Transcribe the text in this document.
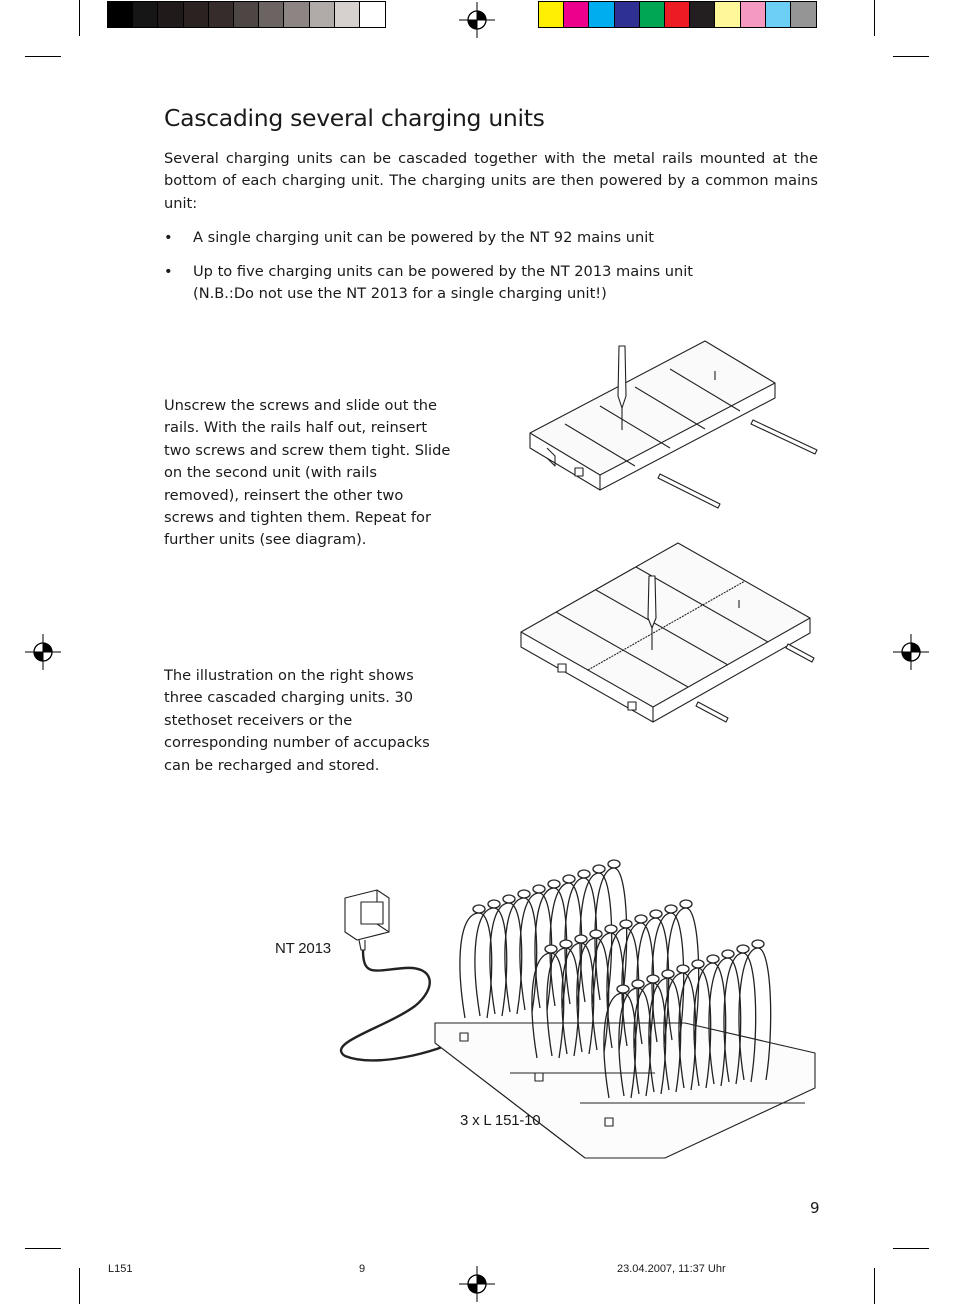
Cascading several charging units

Several charging units can be cascaded together with the metal rails mounted at the bottom of each charging unit. The charging units are then powered by a common mains unit:

• A single charging unit can be powered by the NT 92 mains unit
• Up to five charging units can be powered by the NT 2013 mains unit
(N.B.:Do not use the NT 2013 for a single charging unit!)

Unscrew the screws and slide out the rails. With the rails half out, reinsert two screws and screw them tight. Slide on the second unit (with rails removed), reinsert the other two screws and tighten them. Repeat for further units (see diagram).

The illustration on the right shows three cascaded charging units. 30 stethoset receivers or the corresponding number of accupacks can be recharged and stored.

NT 2013
3 x L 151-10
9
L151	9	23.04.2007, 11:37 Uhr
